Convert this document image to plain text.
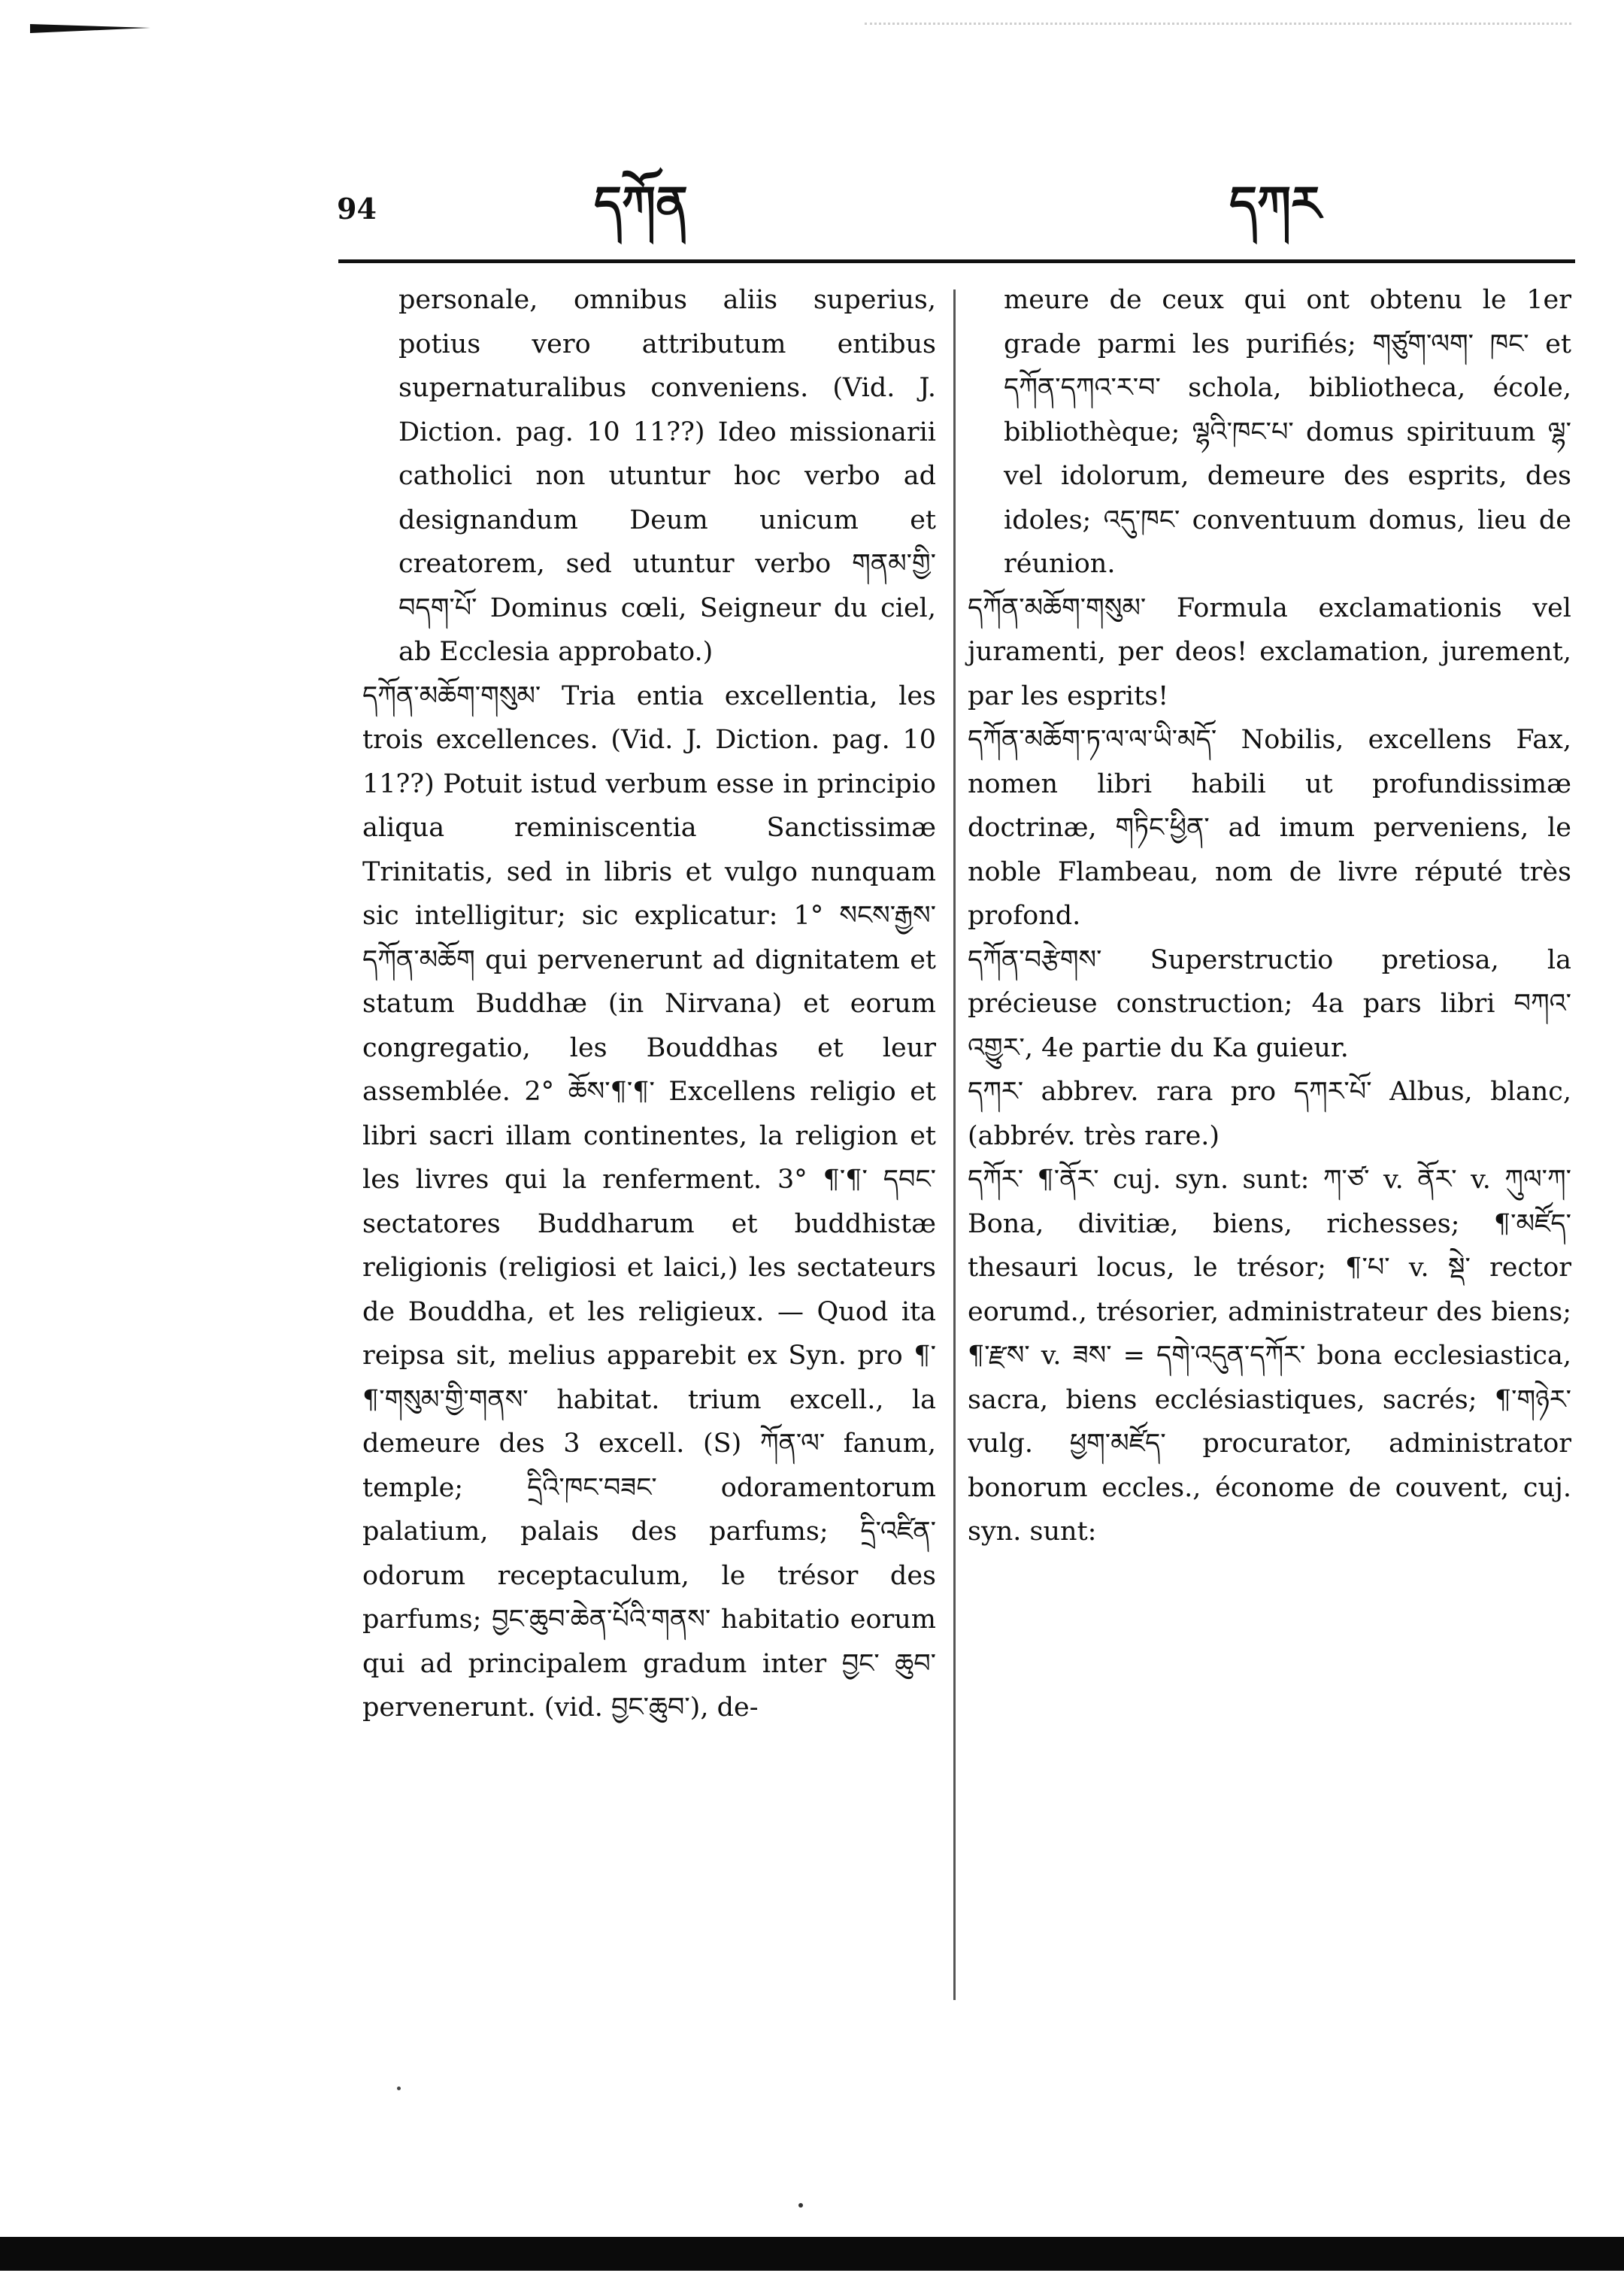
94	དཀོན	དཀར

personale, omnibus aliis superius, potius vero attributum entibus supernaturalibus conveniens. (Vid. J. Diction. pag. 10 11??) Ideo missionarii catholici non utuntur hoc verbo ad designandum Deum unicum et creatorem, sed utuntur verbo གནམ་གྱི་བདག་པོ་ Dominus cœli, Seigneur du ciel, ab Ecclesia approbato.)

དཀོན་མཆོག་གསུམ་ Tria entia excellentia, les trois excellences. (Vid. J. Diction. pag. 10 11??) Potuit istud verbum esse in principio aliqua reminiscentia Sanctissimæ Trinitatis, sed in libris et vulgo nunquam sic intelligitur; sic explicatur: 1° སངས་རྒྱས་དཀོན་མཆོག qui pervenerunt ad dignitatem et statum Buddhæ (in Nirvana) et eorum congregatio, les Bouddhas et leur assemblée. 2° ཆོས་¶་¶་ Excellens religio et libri sacri illam continentes, la religion et les livres qui la renferment. 3° ¶་¶་ དབང་ sectatores Buddharum et buddhistæ religionis (religiosi et laici,) les sectateurs de Bouddha, et les religieux. — Quod ita reipsa sit, melius apparebit ex Syn. pro ¶་¶་གསུམ་གྱི་གནས་ habitat. trium excell., la demeure des 3 excell. (S) ཀོན་ལ་ fanum, temple; དྲིའི་ཁང་བཟང་ odoramentorum palatium, palais des parfums; དྲི་འཛིན་ odorum receptaculum, le trésor des parfums; བྱང་ཆུབ་ཆེན་པོའི་གནས་ habitatio eorum qui ad principalem gradum inter བྱང་ ཆུབ་ pervenerunt. (vid. བྱང་ཆུབ་), de-

meure de ceux qui ont obtenu le 1er grade parmi les purifiés; གཙུག་ལག་ ཁང་ et དཀོན་དཀའ་ར་བ་ schola, bibliotheca, école, bibliothèque; ལྷའི་ཁང་པ་ domus spirituum ལྷ་ vel idolorum, demeure des esprits, des idoles; འདུ་ཁང་ conventuum domus, lieu de réunion.

དཀོན་མཆོག་གསུམ་ Formula exclamationis vel juramenti, per deos! exclamation, jurement, par les esprits!

དཀོན་མཆོག་ཏ་ལ་ལ་ཡི་མདོ་ Nobilis, excellens Fax, nomen libri habili ut profundissimæ doctrinæ, གཏིང་ཕྱིན་ ad imum perveniens, le noble Flambeau, nom de livre réputé très profond.

དཀོན་བརྩེགས་ Superstructio pretiosa, la précieuse construction; 4a pars libri བཀའ་འགྱུར་, 4e partie du Ka guieur.

དཀར་ abbrev. rara pro དཀར་པོ་ Albus, blanc, (abbrév. très rare.)

དཀོར་ ¶་ནོར་ cuj. syn. sunt: ཀ་ཙ་ v. ནོར་ v. ཀུལ་ཀ་ Bona, divitiæ, biens, richesses; ¶་མཛོད་ thesauri locus, le trésor; ¶་པ་ v. སྡེ་ rector eorumd., trésorier, administrateur des biens; ¶་རྫས་ v. ཟས་ = དགེ་འདུན་དཀོར་ bona ecclesiastica, sacra, biens ecclésiastiques, sacrés; ¶་གཉེར་ vulg. ཕྱག་མཛོད་ procurator, administrator bonorum eccles., économe de couvent, cuj. syn. sunt:
